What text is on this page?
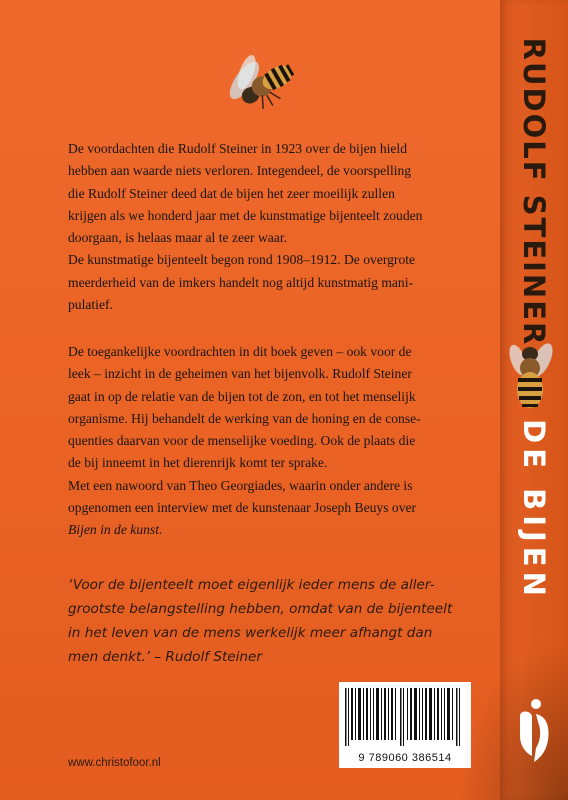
De voordachten die Rudolf Steiner in 1923 over de bijen hield

hebben aan waarde niets verloren. Integendeel, de voorspelling

die Rudolf Steiner deed dat de bijen het zeer moeilijk zullen

krijgen als we honderd jaar met de kunstmatige bijenteelt zouden

doorgaan, is helaas maar al te zeer waar.

De kunstmatige bijenteelt begon rond 1908–1912. De overgrote

meerderheid van de imkers handelt nog altijd kunstmatig mani-

pulatief.

De toegankelijke voordrachten in dit boek geven – ook voor de

leek – inzicht in de geheimen van het bijenvolk. Rudolf Steiner

gaat in op de relatie van de bijen tot de zon, en tot het menselijk

organisme. Hij behandelt de werking van de honing en de conse-

quenties daarvan voor de menselijke voeding. Ook de plaats die

de bij inneemt in het dierenrijk komt ter sprake.

Met een nawoord van Theo Georgiades, waarin onder andere is

opgenomen een interview met de kunstenaar Joseph Beuys over

Bijen in de kunst.

‘Voor de bijenteelt moet eigenlijk ieder mens de aller-
grootste belangstelling hebben, omdat van de bijenteelt
in het leven van de mens werkelijk meer afhangt dan
men denkt.’ – Rudolf Steiner
9 789060 386514
www.christofoor.nl
RUDOLF STEINER
DE BIJEN
